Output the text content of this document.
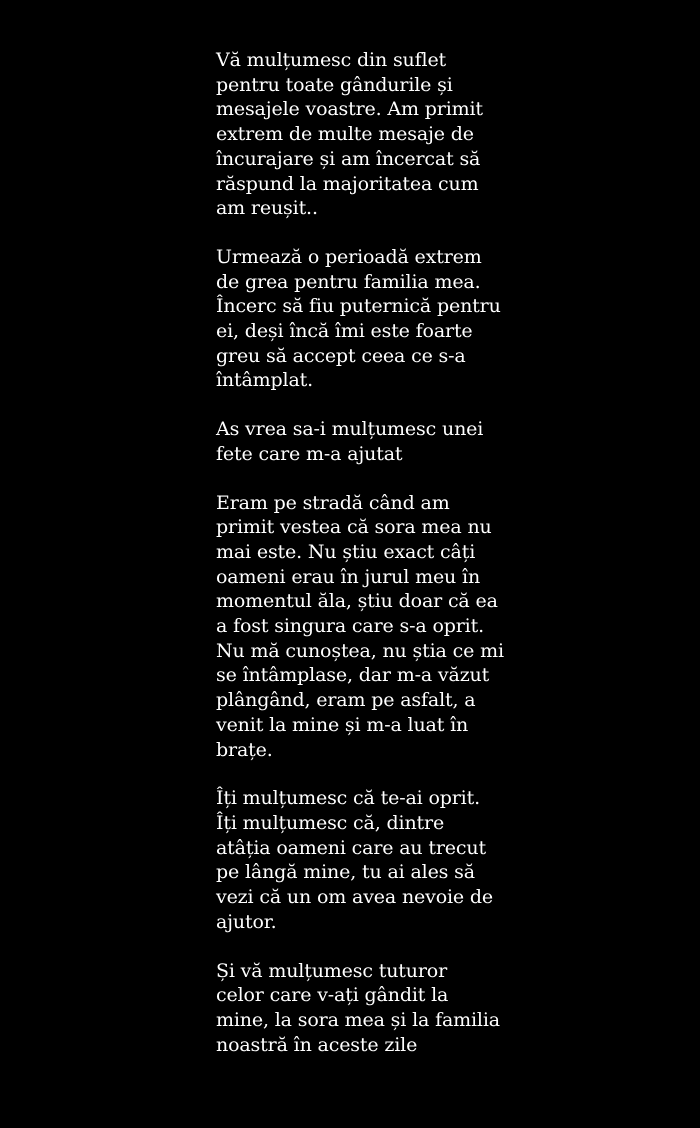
Vă mulțumesc din suflet
pentru toate gândurile și
mesajele voastre. Am primit
extrem de multe mesaje de
încurajare și am încercat să
răspund la majoritatea cum
am reușit..
Urmează o perioadă extrem
de grea pentru familia mea.
Încerc să fiu puternică pentru
ei, deși încă îmi este foarte
greu să accept ceea ce s-a
întâmplat.
As vrea sa-i mulțumesc unei
fete care m-a ajutat
Eram pe stradă când am
primit vestea că sora mea nu
mai este. Nu știu exact câți
oameni erau în jurul meu în
momentul ăla, știu doar că ea
a fost singura care s-a oprit.
Nu mă cunoștea, nu știa ce mi
se întâmplase, dar m-a văzut
plângând, eram pe asfalt, a
venit la mine și m-a luat în
brațe.
Îți mulțumesc că te-ai oprit.
Îți mulțumesc că, dintre
atâția oameni care au trecut
pe lângă mine, tu ai ales să
vezi că un om avea nevoie de
ajutor.
Și vă mulțumesc tuturor
celor care v-ați gândit la
mine, la sora mea și la familia
noastră în aceste zile
